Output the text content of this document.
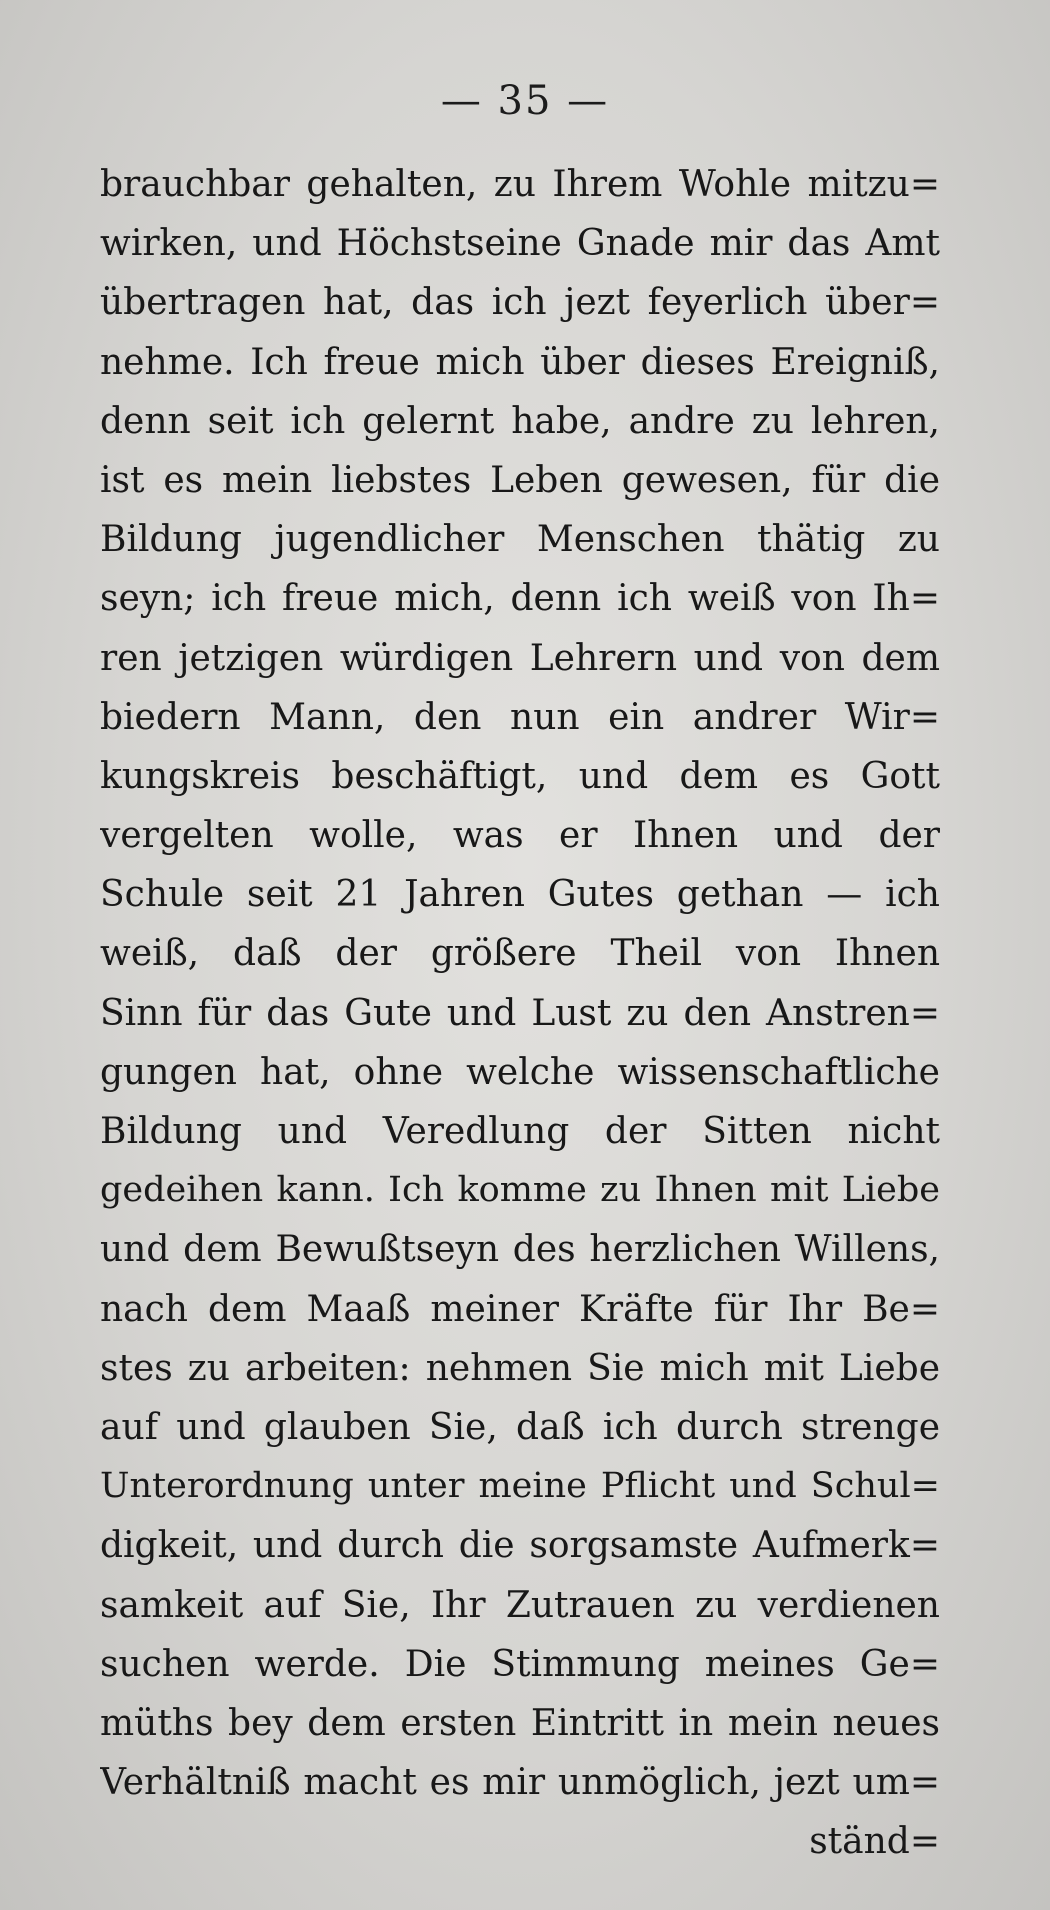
— 35 —
brauchbar gehalten, zu Ihrem Wohle mitzu=
wirken, und Höchstseine Gnade mir das Amt
übertragen hat, das ich jezt feyerlich über=
nehme. Ich freue mich über dieses Ereigniß,
denn seit ich gelernt habe, andre zu lehren,
ist es mein liebstes Leben gewesen, für die
Bildung jugendlicher Menschen thätig zu
seyn; ich freue mich, denn ich weiß von Ih=
ren jetzigen würdigen Lehrern und von dem
biedern Mann, den nun ein andrer Wir=
kungskreis beschäftigt, und dem es Gott
vergelten wolle, was er Ihnen und der
Schule seit 21 Jahren Gutes gethan — ich
weiß, daß der größere Theil von Ihnen
Sinn für das Gute und Lust zu den Anstren=
gungen hat, ohne welche wissenschaftliche
Bildung und Veredlung der Sitten nicht
gedeihen kann. Ich komme zu Ihnen mit Liebe
und dem Bewußtseyn des herzlichen Willens,
nach dem Maaß meiner Kräfte für Ihr Be=
stes zu arbeiten: nehmen Sie mich mit Liebe
auf und glauben Sie, daß ich durch strenge
Unterordnung unter meine Pflicht und Schul=
digkeit, und durch die sorgsamste Aufmerk=
samkeit auf Sie, Ihr Zutrauen zu verdienen
suchen werde. Die Stimmung meines Ge=
müths bey dem ersten Eintritt in mein neues
Verhältniß macht es mir unmöglich, jezt um=
ständ=
